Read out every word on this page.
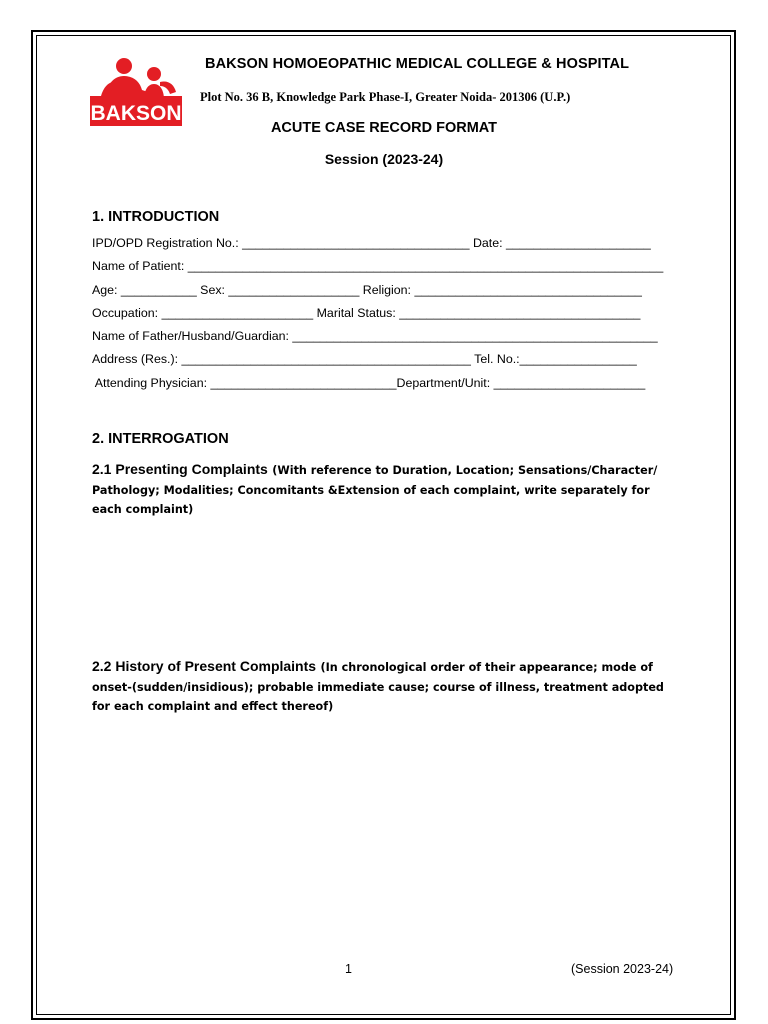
BAKSON
BAKSON HOMOEOPATHIC MEDICAL COLLEGE & HOSPITAL
Plot No. 36 B, Knowledge Park Phase-I, Greater Noida- 201306 (U.P.)
ACUTE CASE RECORD FORMAT
Session (2023-24)
1. INTRODUCTION
IPD/OPD Registration No.: _________________________________ Date: _____________________
Name of Patient: _____________________________________________________________________
Age: ___________ Sex: ___________________ Religion: _________________________________
Occupation: ______________________ Marital Status: ___________________________________
Name of Father/Husband/Guardian: _____________________________________________________
Address (Res.): __________________________________________ Tel. No.:_________________
Attending Physician: ___________________________Department/Unit: ______________________
2. INTERROGATION
2.1 Presenting Complaints (With reference to Duration, Location; Sensations/Character/ Pathology; Modalities; Concomitants &Extension of each complaint, write separately for each complaint)
2.2 History of Present Complaints (In chronological order of their appearance; mode of onset-(sudden/insidious); probable immediate cause; course of illness, treatment adopted for each complaint and effect thereof)
1	(Session 2023-24)
